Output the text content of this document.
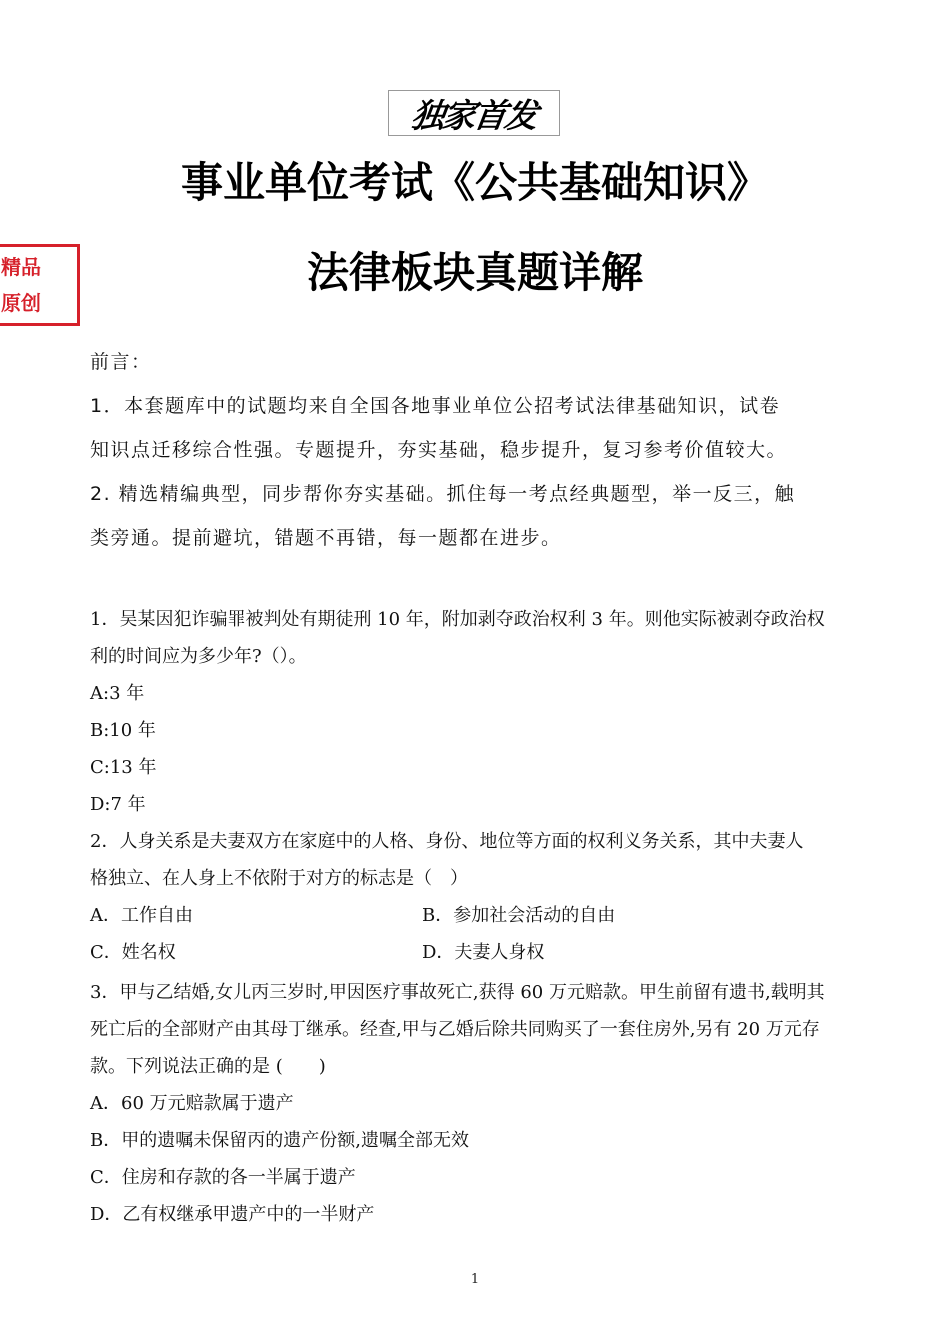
独家首发
事业单位考试《公共基础知识》
法律板块真题详解
精品
原创

前言：

1．本套题库中的试题均来自全国各地事业单位公招考试法律基础知识，试卷

知识点迁移综合性强。专题提升，夯实基础，稳步提升，复习参考价值较大。

2. 精选精编典型，同步帮你夯实基础。抓住每一考点经典题型，举一反三，触

类旁通。提前避坑，错题不再错，每一题都在进步。

1．吴某因犯诈骗罪被判处有期徒刑 10 年，附加剥夺政治权利 3 年。则他实际被剥夺政治权

利的时间应为多少年?（）。

A:3 年

B:10 年

C:13 年

D:7 年

2．人身关系是夫妻双方在家庭中的人格、身份、地位等方面的权利义务关系，其中夫妻人

格独立、在人身上不依附于对方的标志是（　）

A．工作自由	B．参加社会活动的自由

C．姓名权	D．夫妻人身权

3．甲与乙结婚,女儿丙三岁时,甲因医疗事故死亡,获得 60 万元赔款。甲生前留有遗书,载明其

死亡后的全部财产由其母丁继承。经查,甲与乙婚后除共同购买了一套住房外,另有 20 万元存

款。下列说法正确的是 (　　)

A．60 万元赔款属于遗产

B．甲的遗嘱未保留丙的遗产份额,遗嘱全部无效

C．住房和存款的各一半属于遗产

D．乙有权继承甲遗产中的一半财产

1
